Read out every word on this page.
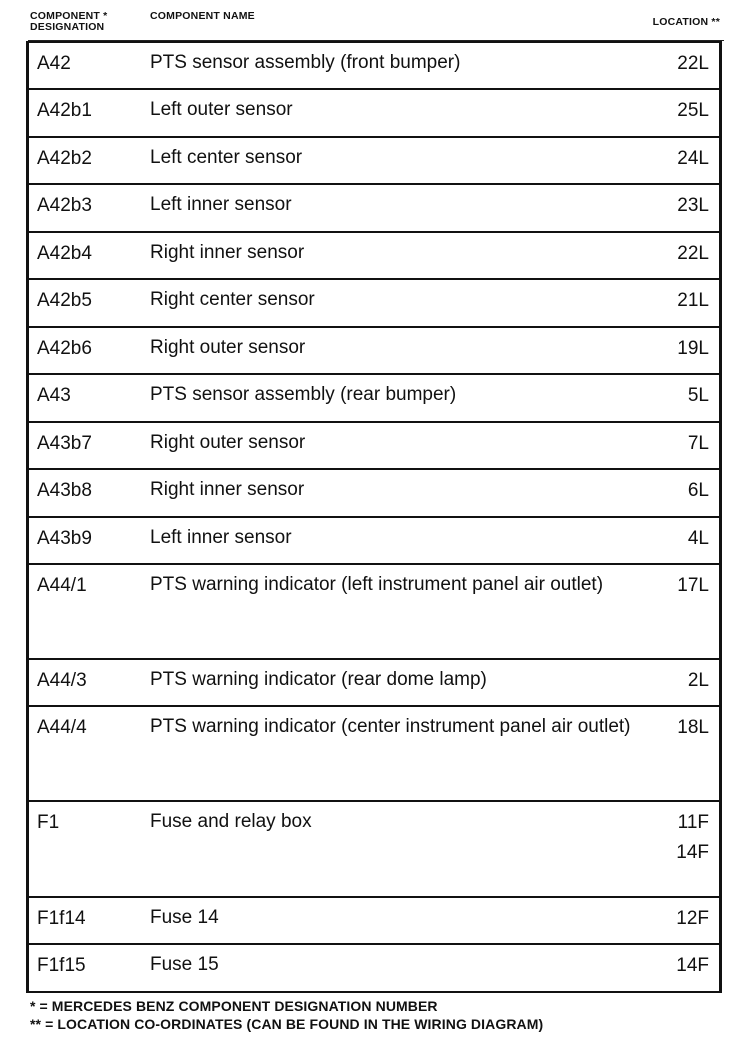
COMPONENT * DESIGNATION
COMPONENT NAME	LOCATION **
A42	PTS sensor assembly (front bumper)	22L
A42b1	Left outer sensor	25L
A42b2	Left center sensor	24L
A42b3	Left inner sensor	23L
A42b4	Right inner sensor	22L
A42b5	Right center sensor	21L
A42b6	Right outer sensor	19L
A43	PTS sensor assembly (rear bumper)	5L
A43b7	Right outer sensor	7L
A43b8	Right inner sensor	6L
A43b9	Left inner sensor	4L
A44/1	PTS warning indicator (left instrument panel air outlet)	17L
A44/3	PTS warning indicator (rear dome lamp)	2L
A44/4	PTS warning indicator (center instrument panel air outlet)	18L
F1	Fuse and relay box	11F
14F
F1f14	Fuse 14	12F
F1f15	Fuse 15	14F
* = MERCEDES BENZ COMPONENT DESIGNATION NUMBER
** = LOCATION CO-ORDINATES (CAN BE FOUND IN THE WIRING DIAGRAM)
